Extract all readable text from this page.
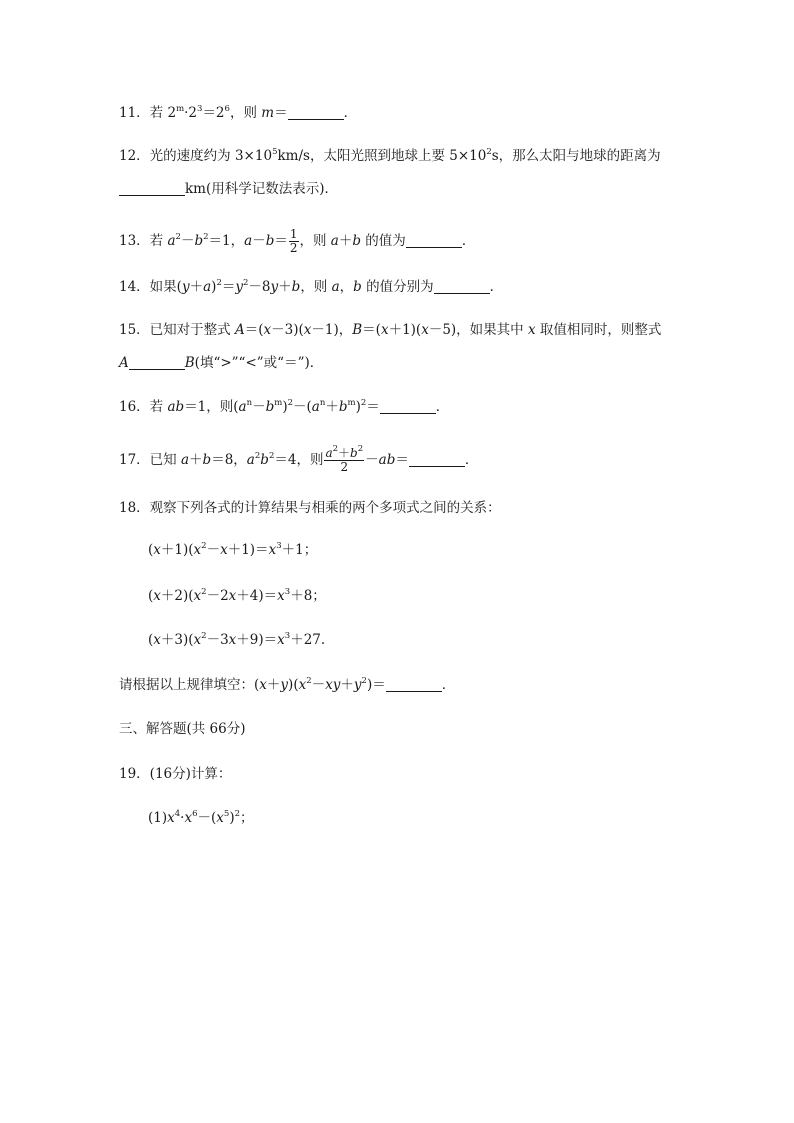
11．若 $2^m\cdot 2^3=2^6$，则 m＝	．
12．光的速度约为 $3\times 10^5km/s$，太阳光照到地球上要 $5\times 10^2s$，那么太阳与地球的距离为
km(用科学记数法表示)．
13．若 $a^2-b^2=1$，$a-b= \frac{1}{2}$ ，则 a＋b 的值为	．
14．如果$(y+a)^2=y^2-8y+b$，则 a，b 的值分别为	．
15．已知对于整式 A＝(x－3)(x－1)，B＝(x＋1)(x－5)，如果其中 x 取值相同时，则整式
A	B(填“>”“<”或“＝”)．
16．若 ab＝1，则$(a^n-b^m)^2-(a^n+b^m)^2=$	．
17．已知 a＋b＝8，$a^2b^2=4$，则 $\frac{a^2+b^2}{2} -ab=$	．
18．观察下列各式的计算结果与相乘的两个多项式之间的关系：
$(x+1)(x^2-x+1)=x^3+1$；
$(x+2)(x^2-2x+4)=x^3+8$；
$(x+3)(x^2-3x+9)=x^3+27$.
请根据以上规律填空：$(x+y)(x^2-xy+y^2)=$	．
三、解答题(共 66分)
19．(16分)计算：
$(1)x^4\cdot x^6-(x^5)^2$；
